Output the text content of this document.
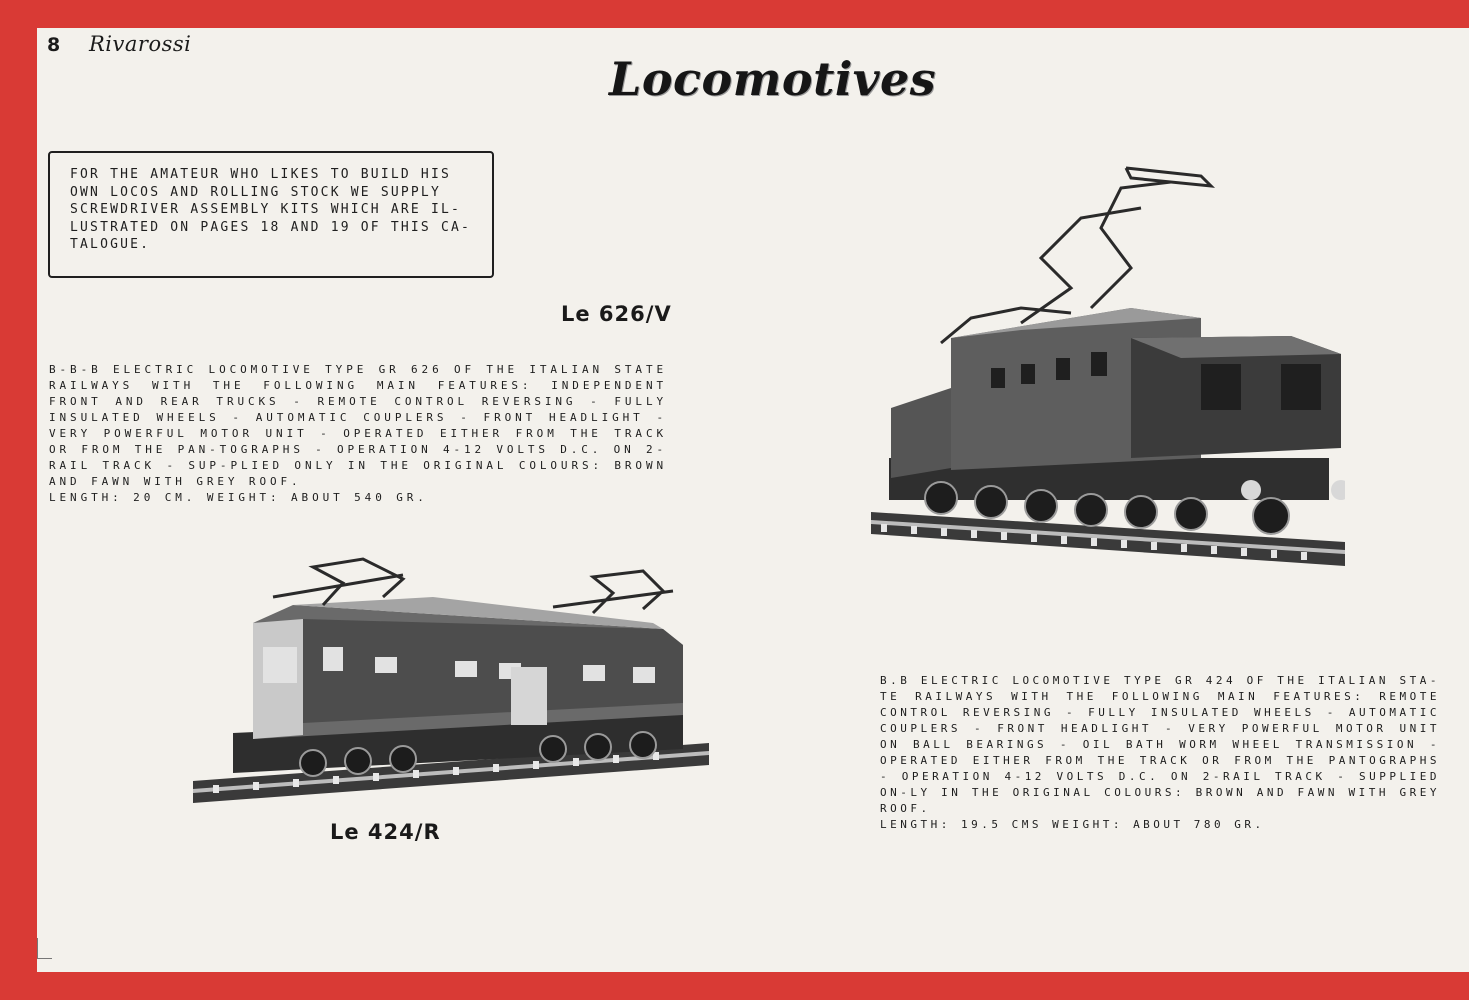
8 Rivarossi
Locomotives
FOR THE AMATEUR WHO LIKES TO BUILD HIS
OWN LOCOS AND ROLLING STOCK WE SUPPLY
SCREWDRIVER ASSEMBLY KITS WHICH ARE IL-
LUSTRATED ON PAGES 18 AND 19 OF THIS CA-
TALOGUE.
Le 626/V

B-B-B ELECTRIC LOCOMOTIVE TYPE GR 626 OF THE ITALIAN STATE RAILWAYS WITH THE FOLLOWING MAIN FEATURES: INDEPENDENT FRONT AND REAR TRUCKS - REMOTE CONTROL REVERSING - FULLY INSULATED WHEELS - AUTOMATIC COUPLERS - FRONT HEADLIGHT - VERY POWERFUL MOTOR UNIT - OPERATED EITHER FROM THE TRACK OR FROM THE PAN-TOGRAPHS - OPERATION 4-12 VOLTS D.C. ON 2-RAIL TRACK - SUP-PLIED ONLY IN THE ORIGINAL COLOURS: BROWN AND FAWN WITH GREY ROOF.

LENGTH: 20 CM. WEIGHT: ABOUT 540 GR.

Le 424/R

B.B ELECTRIC LOCOMOTIVE TYPE GR 424 OF THE ITALIAN STA-TE RAILWAYS WITH THE FOLLOWING MAIN FEATURES: REMOTE CONTROL REVERSING - FULLY INSULATED WHEELS - AUTOMATIC COUPLERS - FRONT HEADLIGHT - VERY POWERFUL MOTOR UNIT ON BALL BEARINGS - OIL BATH WORM WHEEL TRANSMISSION - OPERATED EITHER FROM THE TRACK OR FROM THE PANTOGRAPHS - OPERATION 4-12 VOLTS D.C. ON 2-RAIL TRACK - SUPPLIED ON-LY IN THE ORIGINAL COLOURS: BROWN AND FAWN WITH GREY ROOF.

LENGTH: 19.5 CMS WEIGHT: ABOUT 780 GR.
